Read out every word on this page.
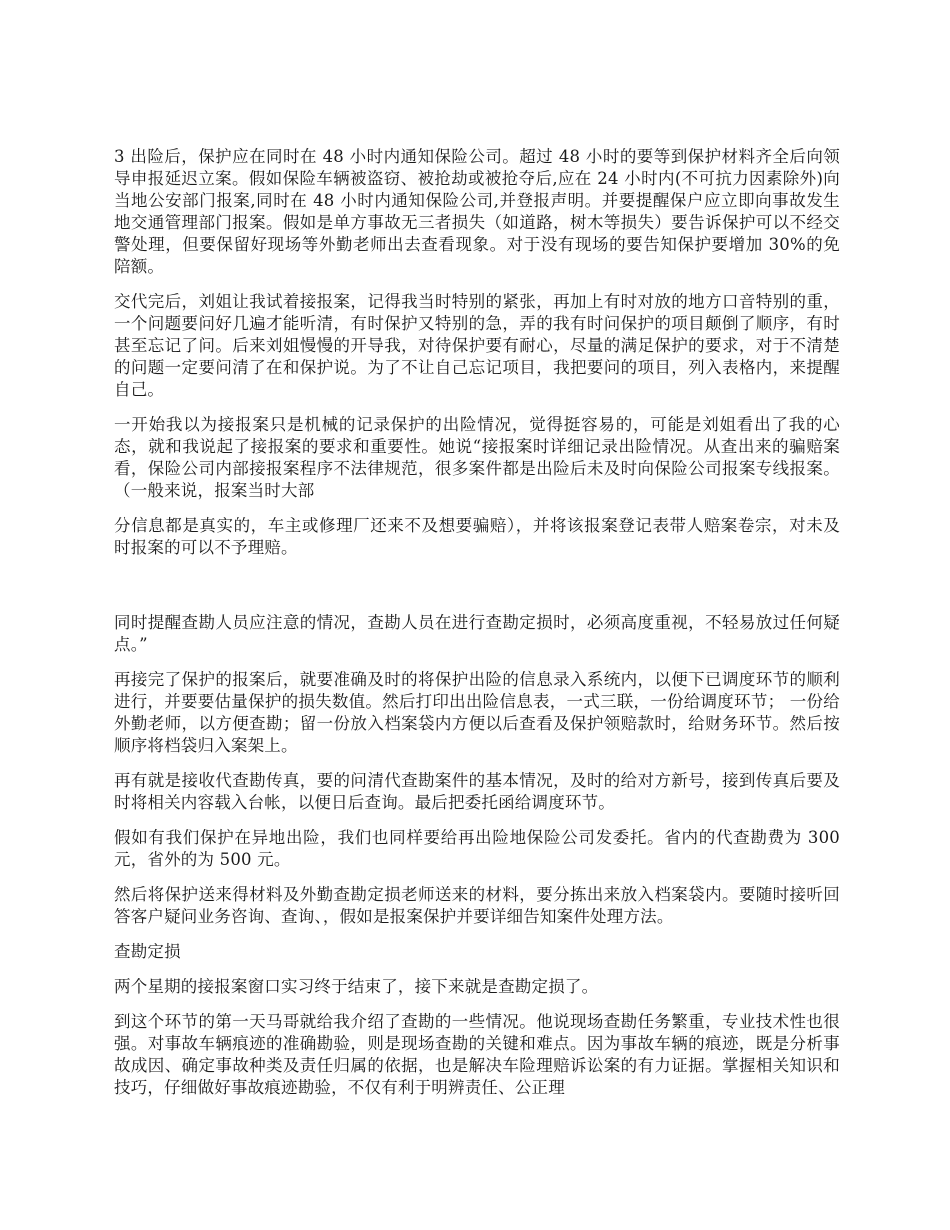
3 出险后，保护应在同时在 48 小时内通知保险公司。超过 48 小时的要等到保护材料齐全后向领导申报延迟立案。假如保险车辆被盗窃、被抢劫或被抢夺后,应在 24 小时内(不可抗力因素除外)向当地公安部门报案,同时在 48 小时内通知保险公司,并登报声明。并要提醒保户应立即向事故发生地交通管理部门报案。假如是单方事故无三者损失（如道路，树木等损失）要告诉保护可以不经交警处理，但要保留好现场等外勤老师出去查看现象。对于没有现场的要告知保护要增加 30%的免陪额。

交代完后，刘姐让我试着接报案，记得我当时特别的紧张，再加上有时对放的地方口音特别的重，一个问题要问好几遍才能听清，有时保护又特别的急，弄的我有时问保护的项目颠倒了顺序，有时甚至忘记了问。后来刘姐慢慢的开导我，对待保护要有耐心，尽量的满足保护的要求，对于不清楚的问题一定要问清了在和保护说。为了不让自己忘记项目，我把要问的项目，列入表格内，来提醒自己。

一开始我以为接报案只是机械的记录保护的出险情况，觉得挺容易的，可能是刘姐看出了我的心态，就和我说起了接报案的要求和重要性。她说“接报案时详细记录出险情况。从查出来的骗赔案看，保险公司内部接报案程序不法律规范，很多案件都是出险后未及时向保险公司报案专线报案。（一般来说，报案当时大部

分信息都是真实的，车主或修理厂还来不及想要骗赔），并将该报案登记表带人赔案卷宗，对未及时报案的可以不予理赔。

同时提醒查勘人员应注意的情况，查勘人员在进行查勘定损时，必须高度重视，不轻易放过任何疑点。”

再接完了保护的报案后，就要准确及时的将保护出险的信息录入系统内，以便下已调度环节的顺利进行，并要要估量保护的损失数值。然后打印出出险信息表，一式三联，一份给调度环节； 一份给外勤老师，以方便查勘；留一份放入档案袋内方便以后查看及保护领赔款时，给财务环节。然后按顺序将档袋归入案架上。

再有就是接收代查勘传真，要的问清代查勘案件的基本情况，及时的给对方新号，接到传真后要及时将相关内容载入台帐，以便日后查询。最后把委托函给调度环节。

假如有我们保护在异地出险，我们也同样要给再出险地保险公司发委托。省内的代查勘费为 300 元，省外的为 500 元。

然后将保护送来得材料及外勤查勘定损老师送来的材料，要分拣出来放入档案袋内。要随时接听回答客户疑问业务咨询、查询、，假如是报案保护并要详细告知案件处理方法。

查勘定损

两个星期的接报案窗口实习终于结束了，接下来就是查勘定损了。

到这个环节的第一天马哥就给我介绍了查勘的一些情况。他说现场查勘任务繁重，专业技术性也很强。对事故车辆痕迹的准确勘验，则是现场查勘的关键和难点。因为事故车辆的痕迹，既是分析事故成因、确定事故种类及责任归属的依据，也是解决车险理赔诉讼案的有力证据。掌握相关知识和技巧，仔细做好事故痕迹勘验，不仅有利于明辨责任、公正理
